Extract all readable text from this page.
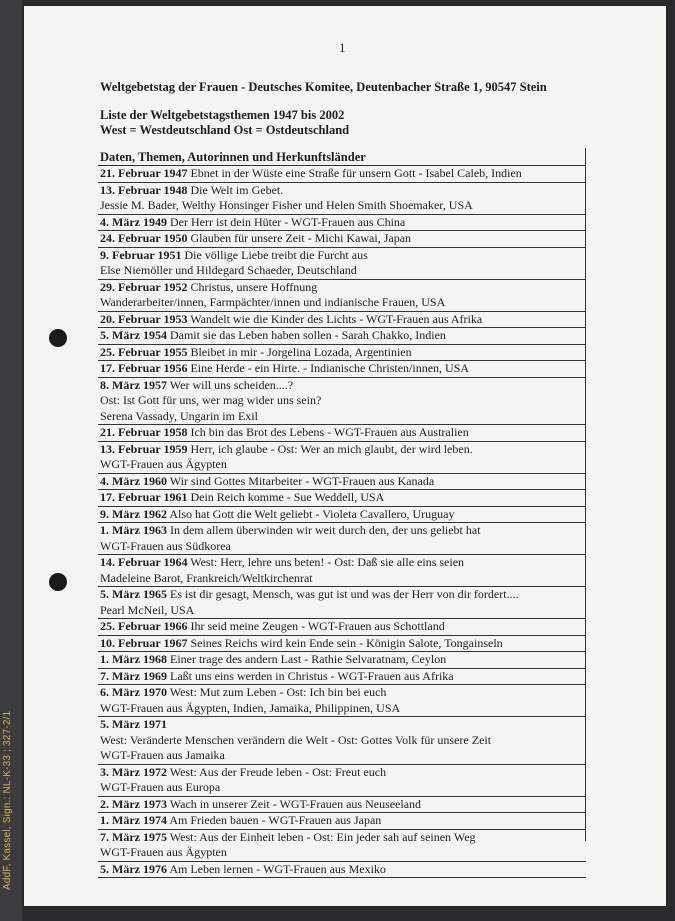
AddF, Kassel, Sign.: NL-K-33 ; 327-2/1
1
Weltgebetstag der Frauen - Deutsches Komitee, Deutenbacher Straße 1, 90547 Stein
Liste der Weltgebetstagsthemen 1947 bis 2002
West = Westdeutschland Ost = Ostdeutschland
Daten, Themen, Autorinnen und Herkunftsländer
21. Februar 1947 Ebnet in der Wüste eine Straße für unsern Gott - Isabel Caleb, Indien
13. Februar 1948 Die Welt im Gebet.
Jessie M. Bader, Welthy Honsinger Fisher und Helen Smith Shoemaker, USA
4. März 1949 Der Herr ist dein Hüter - WGT-Frauen aus China
24. Februar 1950 Glauben für unsere Zeit - Michi Kawai, Japan
9. Februar 1951 Die völlige Liebe treibt die Furcht aus
Else Niemöller und Hildegard Schaeder, Deutschland
29. Februar 1952 Christus, unsere Hoffnung
Wanderarbeiter/innen, Farmpächter/innen und indianische Frauen, USA
20. Februar 1953 Wandelt wie die Kinder des Lichts - WGT-Frauen aus Afrika
5. März 1954 Damit sie das Leben haben sollen - Sarah Chakko, Indien
25. Februar 1955 Bleibet in mir - Jorgelina Lozada, Argentinien
17. Februar 1956 Eine Herde - ein Hirte. - Indianische Christen/innen, USA
8. März 1957 Wer will uns scheiden....?
Ost: Ist Gott für uns, wer mag wider uns sein?
Serena Vassady, Ungarin im Exil
21. Februar 1958 Ich bin das Brot des Lebens - WGT-Frauen aus Australien
13. Februar 1959 Herr, ich glaube - Ost: Wer an mich glaubt, der wird leben.
WGT-Frauen aus Ägypten
4. März 1960 Wir sind Gottes Mitarbeiter - WGT-Frauen aus Kanada
17. Februar 1961 Dein Reich komme - Sue Weddell, USA
9. März 1962 Also hat Gott die Welt geliebt - Violeta Cavallero, Uruguay
1. März 1963 In dem allem überwinden wir weit durch den, der uns geliebt hat
WGT-Frauen aus Südkorea
14. Februar 1964 West: Herr, lehre uns beten! - Ost: Daß sie alle eins seien
Madeleine Barot, Frankreich/Weltkirchenrat
5. März 1965 Es ist dir gesagt, Mensch, was gut ist und was der Herr von dir fordert....
Pearl McNeil, USA
25. Februar 1966 Ihr seid meine Zeugen - WGT-Frauen aus Schottland
10. Februar 1967 Seines Reichs wird kein Ende sein - Königin Salote, Tongainseln
1. März 1968 Einer trage des andern Last - Rathie Selvaratnam, Ceylon
7. März 1969 Laßt uns eins werden in Christus - WGT-Frauen aus Afrika
6. März 1970 West: Mut zum Leben - Ost: Ich bin bei euch
WGT-Frauen aus Ägypten, Indien, Jamaika, Philippinen, USA
5. März 1971
West: Veränderte Menschen verändern die Welt - Ost: Gottes Volk für unsere Zeit
WGT-Frauen aus Jamaika
3. März 1972 West: Aus der Freude leben - Ost: Freut euch
WGT-Frauen aus Europa
2. März 1973 Wach in unserer Zeit - WGT-Frauen aus Neuseeland
1. März 1974 Am Frieden bauen - WGT-Frauen aus Japan
7. März 1975 West: Aus der Einheit leben - Ost: Ein jeder sah auf seinen Weg
WGT-Frauen aus Ägypten
5. März 1976 Am Leben lernen - WGT-Frauen aus Mexiko
